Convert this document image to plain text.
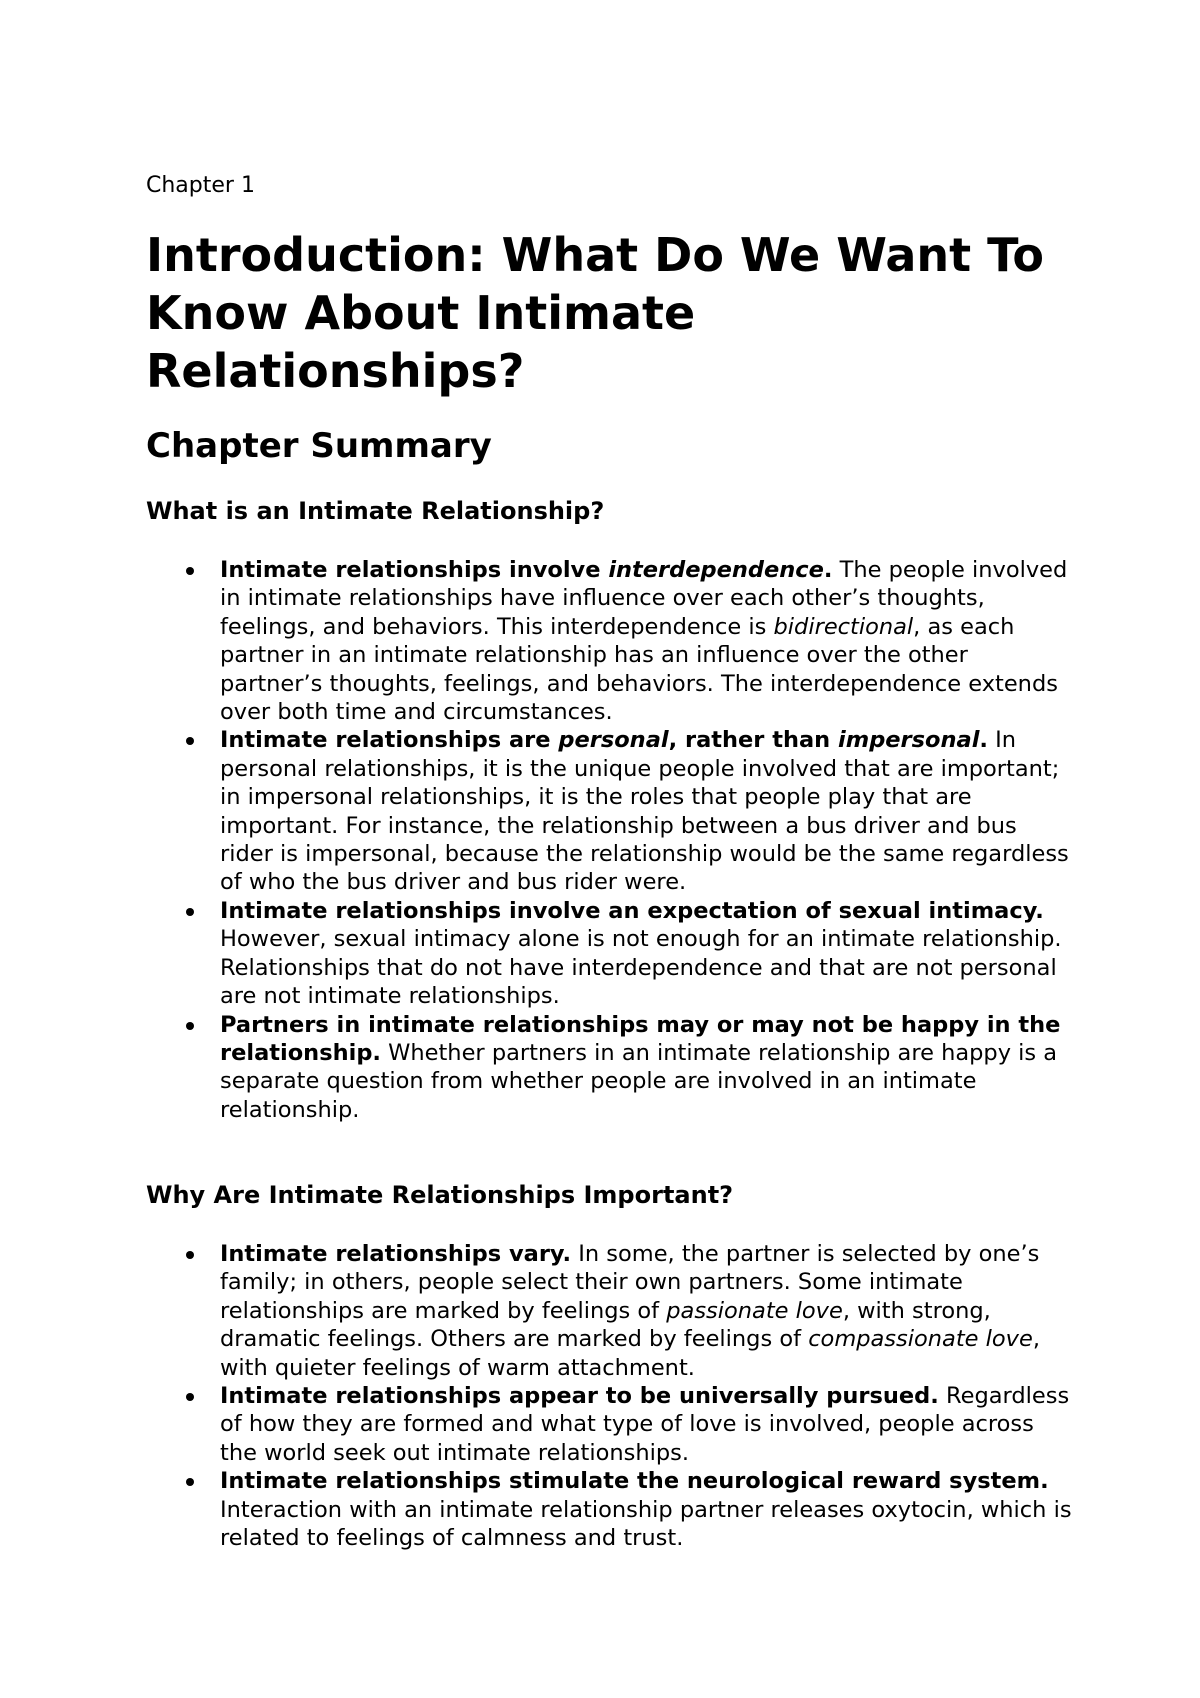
Chapter 1

Introduction: What Do We Want To Know About Intimate Relationships?
Chapter Summary
What is an Intimate Relationship?
Intimate relationships involve interdependence. The people involved in intimate relationships have influence over each other’s thoughts, feelings, and behaviors. This interdependence is bidirectional, as each partner in an intimate relationship has an influence over the other partner’s thoughts, feelings, and behaviors. The interdependence extends over both time and circumstances.
Intimate relationships are personal, rather than impersonal. In personal relationships, it is the unique people involved that are important; in impersonal relationships, it is the roles that people play that are important. For instance, the relationship between a bus driver and bus rider is impersonal, because the relationship would be the same regardless of who the bus driver and bus rider were.
Intimate relationships involve an expectation of sexual intimacy. However, sexual intimacy alone is not enough for an intimate relationship. Relationships that do not have interdependence and that are not personal are not intimate relationships.
Partners in intimate relationships may or may not be happy in the relationship. Whether partners in an intimate relationship are happy is a separate question from whether people are involved in an intimate relationship.
Why Are Intimate Relationships Important?
Intimate relationships vary. In some, the partner is selected by one’s family; in others, people select their own partners. Some intimate relationships are marked by feelings of passionate love, with strong, dramatic feelings. Others are marked by feelings of compassionate love, with quieter feelings of warm attachment.
Intimate relationships appear to be universally pursued. Regardless of how they are formed and what type of love is involved, people across the world seek out intimate relationships.
Intimate relationships stimulate the neurological reward system. Interaction with an intimate relationship partner releases oxytocin, which is related to feelings of calmness and trust.
